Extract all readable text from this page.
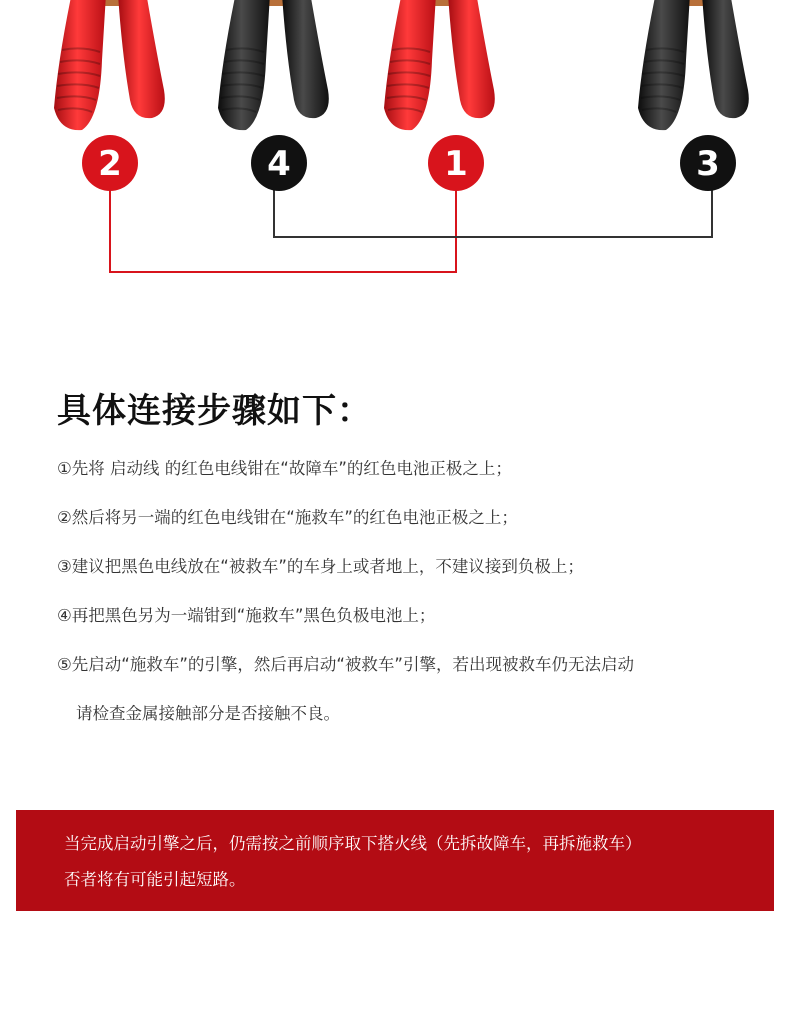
2	4	1	3
具体连接步骤如下：
①先将 启动线 的红色电线钳在“故障车”的红色电池正极之上；
②然后将另一端的红色电线钳在“施救车”的红色电池正极之上；
③建议把黑色电线放在“被救车”的车身上或者地上，不建议接到负极上；
④再把黑色另为一端钳到“施救车”黑色负极电池上；
⑤先启动“施救车”的引擎，然后再启动“被救车”引擎，若出现被救车仍无法启动
请检查金属接触部分是否接触不良。

当完成启动引擎之后，仍需按之前顺序取下搭火线（先拆故障车，再拆施救车）

否者将有可能引起短路。
